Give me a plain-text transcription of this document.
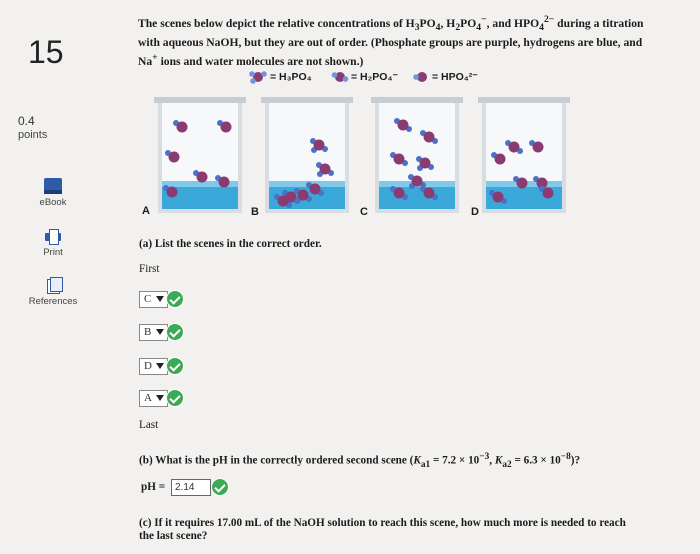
15
0.4
points
eBook
Print
References
The scenes below depict the relative concentrations of $H_3PO_4$, $H_2PO_4^-$, and $HPO_4^{2-}$ during a titration
with aqueous NaOH, but they are out of order. (Phosphate groups are purple, hydrogens are blue, and
Na+ ions and water molecules are not shown.)
= H₃PO₄	= H₂PO₄⁻	= HPO₄²⁻
A	B	C	D
(a) List the scenes in the correct order.
First
C
B
D
A
Last
(b) What is the pH in the correctly ordered second scene ($K_{a1} = 7.2 \times 10^{-3}$, $K_{a2} = 6.3 \times 10^{-8}$)?
pH = 2.14
(c) If it requires 17.00 mL of the NaOH solution to reach this scene, how much more is needed to reach
the last scene?
